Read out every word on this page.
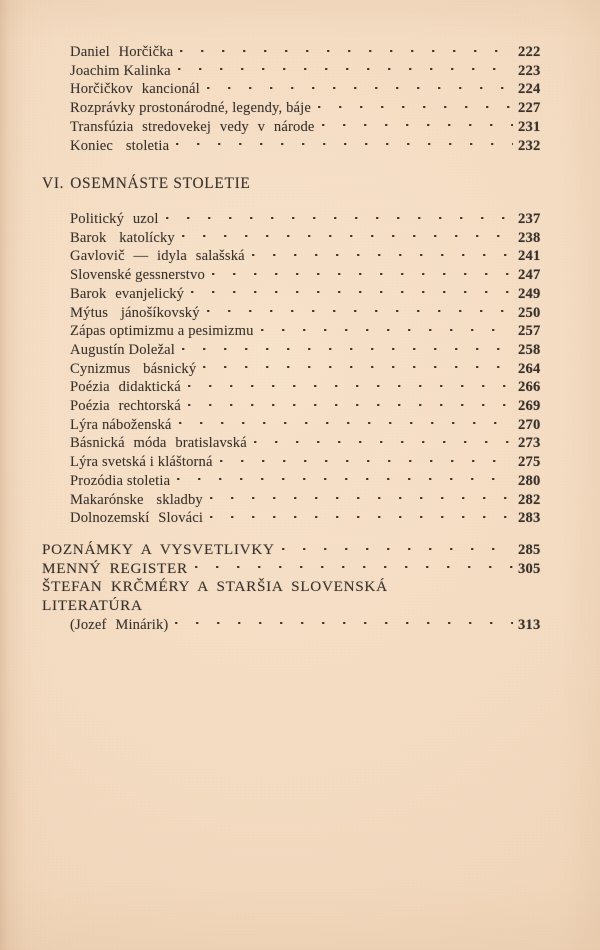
Daniel Horčička	222
Joachim Kalinka	223
Horčičkov kancionál	224
Rozprávky prostonárodné, legendy, báje	227
Transfúzia stredovekej vedy v národe	231
Koniec stoletia	232
VI. OSEMNÁSTE STOLETIE
Politický uzol	237
Barok katolícky	238
Gavlovič — idyla salašská	241
Slovenské gessnerstvo	247
Barok evanjelický	249
Mýtus jánošíkovský	250
Zápas optimizmu a pesimizmu	257
Augustín Doležal	258
Cynizmus básnický	264
Poézia didaktická	266
Poézia rechtorská	269
Lýra náboženská	270
Básnická móda bratislavská	273
Lýra svetská i kláštorná	275
Prozódia stoletia	280
Makarónske skladby	282
Dolnozemskí Slováci	283
POZNÁMKY A VYSVETLIVKY	285
MENNÝ REGISTER	305
ŠTEFAN KRČMÉRY A STARŠIA SLOVENSKÁ
LITERATÚRA
(Jozef Minárik)	313
